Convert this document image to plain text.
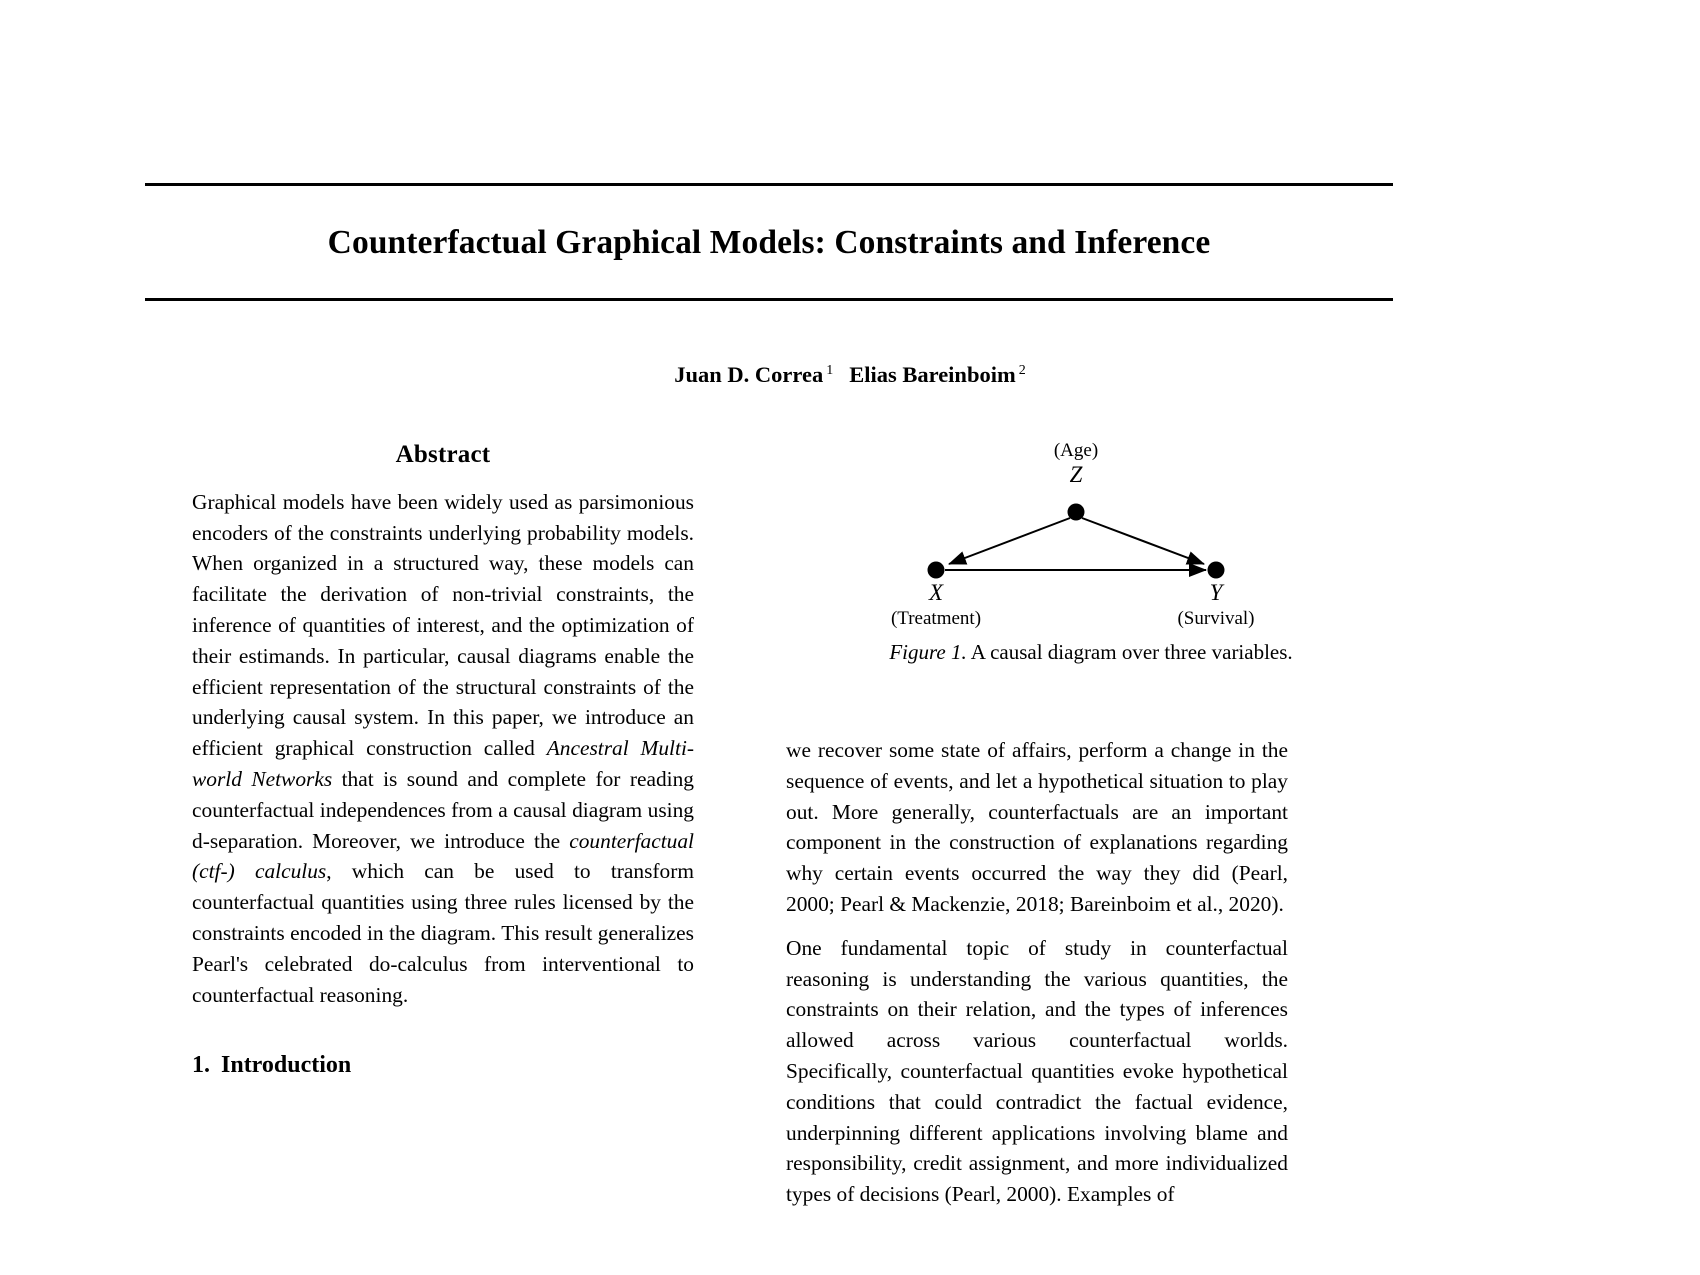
Counterfactual Graphical Models: Constraints and Inference
Juan D. Correa $^1$ Elias Bareinboim $^2$
Abstract

Graphical models have been widely used as parsimonious encoders of the constraints underlying probability models. When organized in a structured way, these models can facilitate the derivation of non-trivial constraints, the inference of quantities of interest, and the optimization of their estimands. In particular, causal diagrams enable the efficient representation of the structural constraints of the underlying causal system. In this paper, we introduce an efficient graphical construction called Ancestral Multi-world Networks that is sound and complete for reading counterfactual independences from a causal diagram using d-separation. Moreover, we introduce the counterfactual (ctf-) calculus, which can be used to transform counterfactual quantities using three rules licensed by the constraints encoded in the diagram. This result generalizes Pearl's celebrated do-calculus from interventional to counterfactual reasoning.

1. Introduction
(Age)
Z
X
(Treatment)
Y
(Survival)
Figure 1. A causal diagram over three variables.

we recover some state of affairs, perform a change in the sequence of events, and let a hypothetical situation to play out. More generally, counterfactuals are an important component in the construction of explanations regarding why certain events occurred the way they did (Pearl, 2000; Pearl & Mackenzie, 2018; Bareinboim et al., 2020).

One fundamental topic of study in counterfactual reasoning is understanding the various quantities, the constraints on their relation, and the types of inferences allowed across various counterfactual worlds. Specifically, counterfactual quantities evoke hypothetical conditions that could contradict the factual evidence, underpinning different applications involving blame and responsibility, credit assignment, and more individualized types of decisions (Pearl, 2000). Examples of
